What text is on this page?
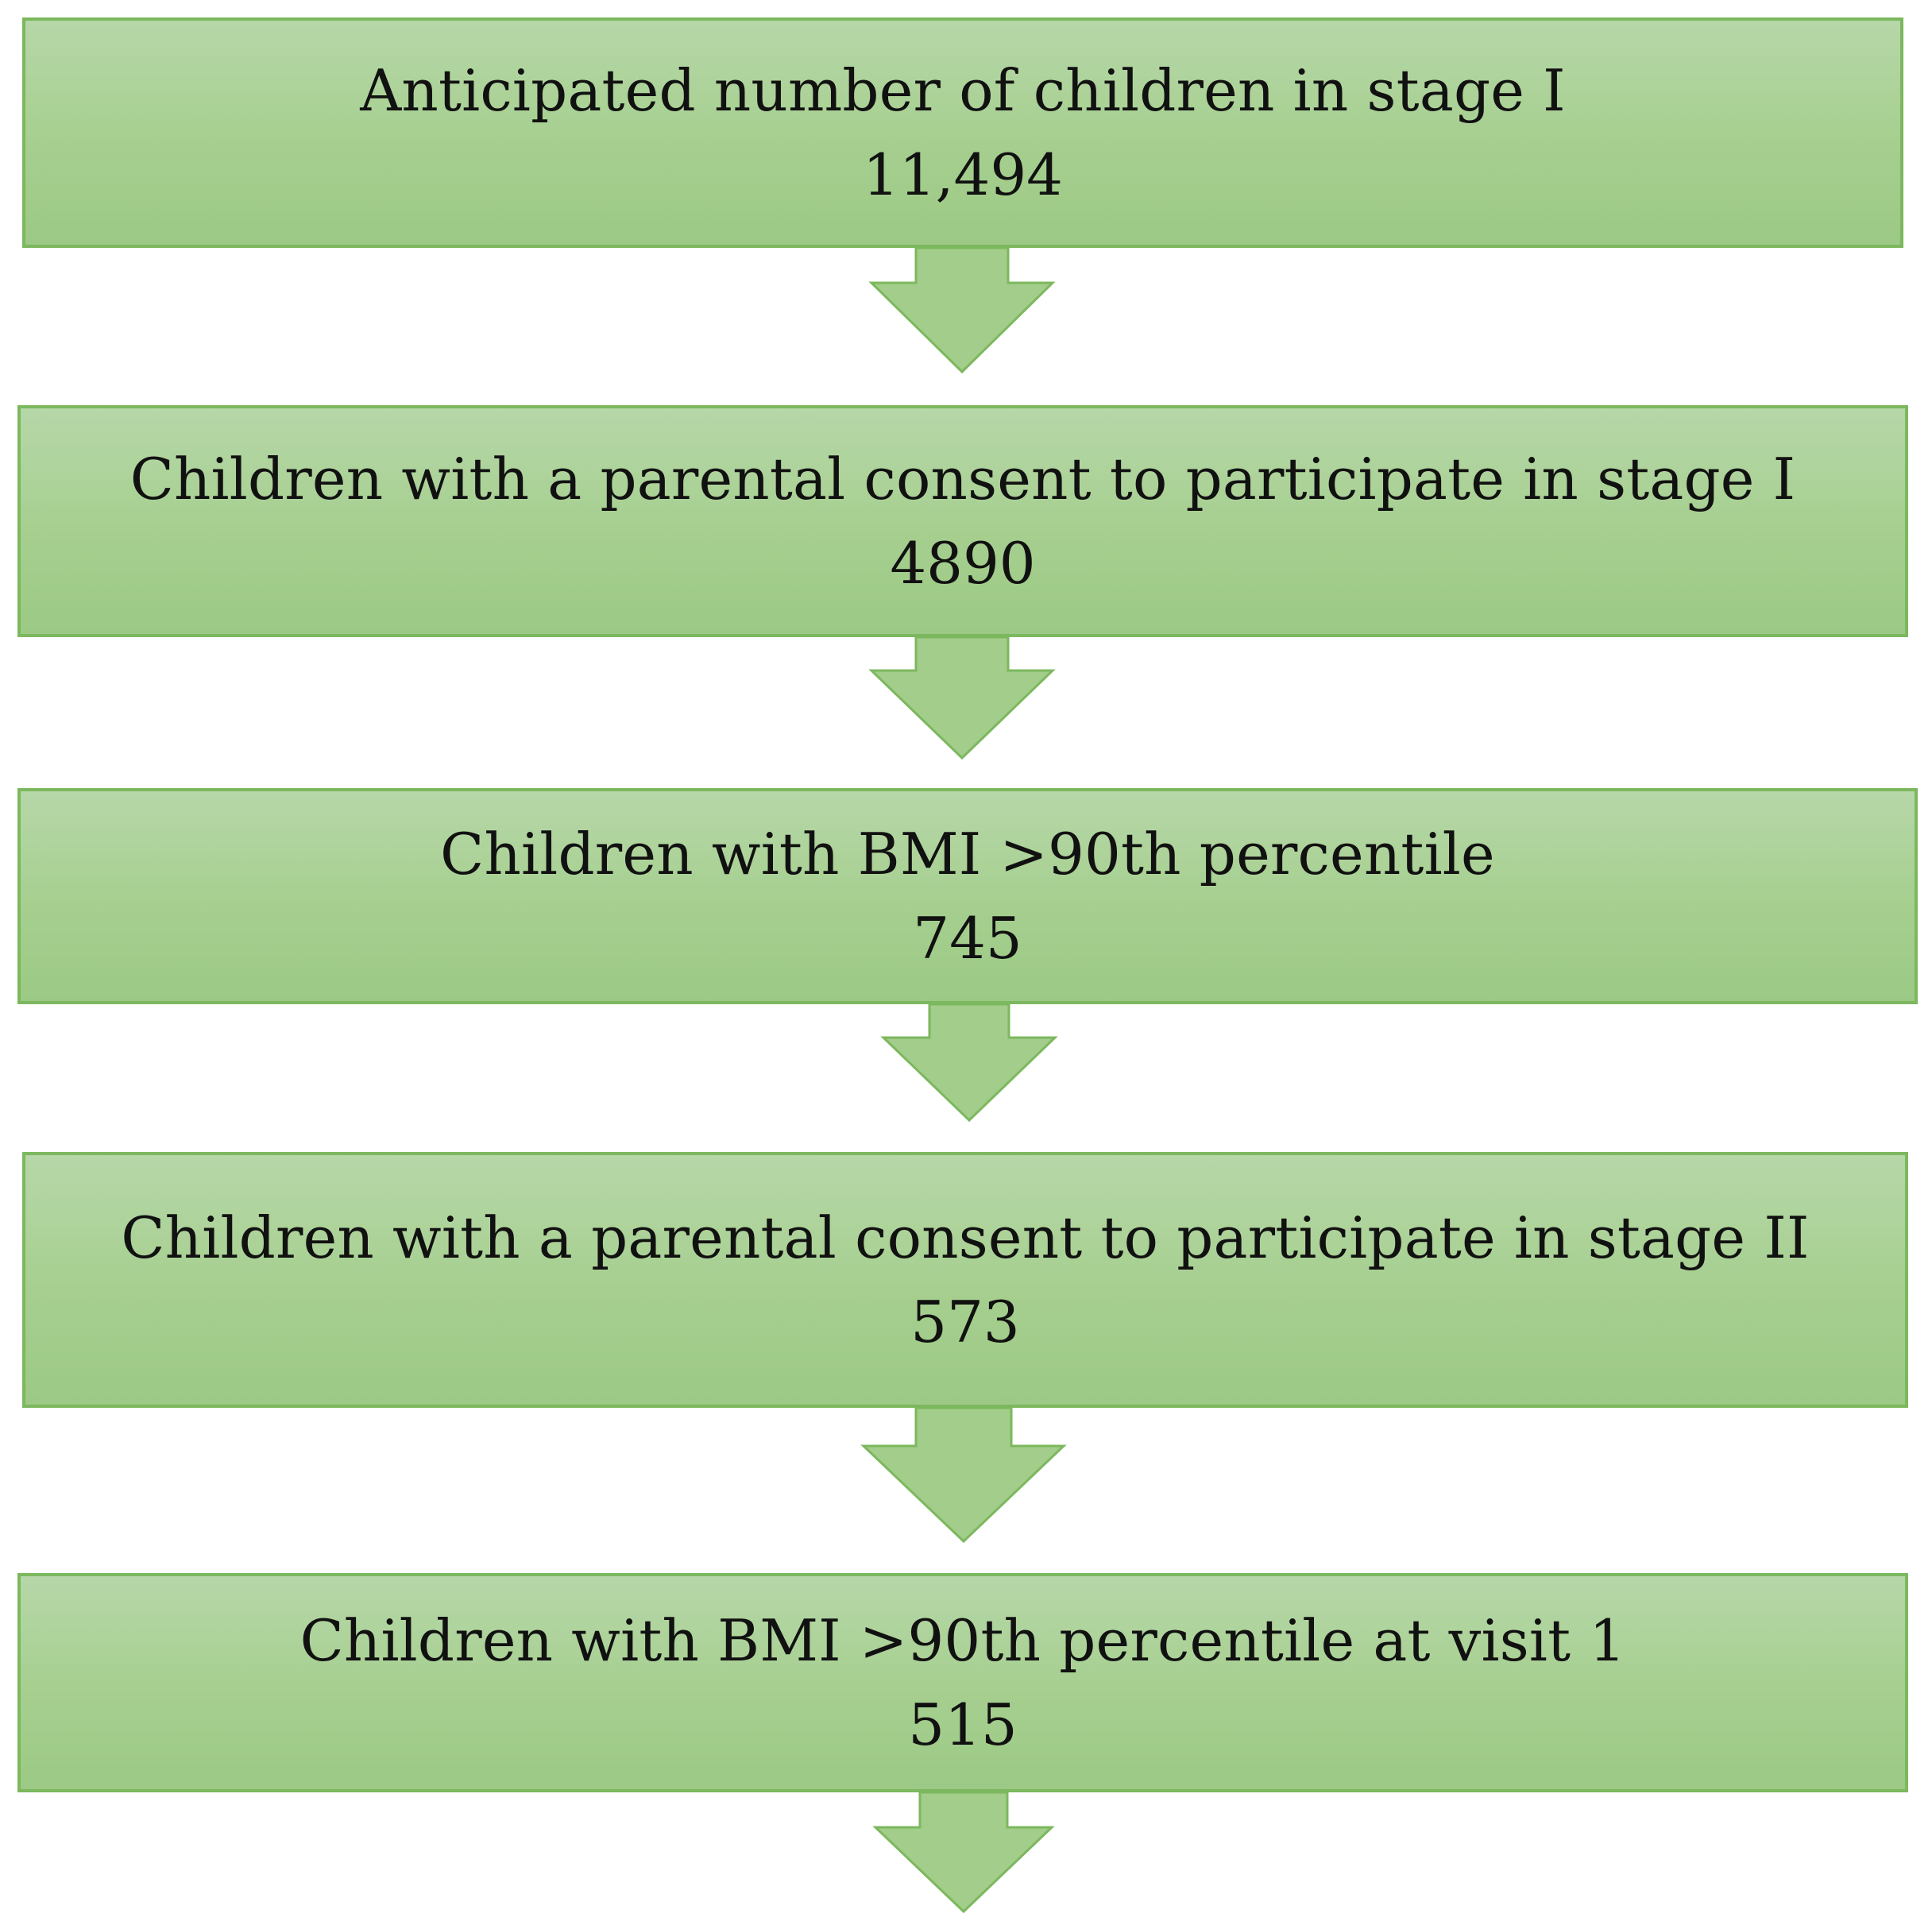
Anticipated number of children in stage I
11,494
Children with a parental consent to participate in stage I
4890
Children with BMI >90th percentile
745
Children with a parental consent to participate in stage II
573
Children with BMI >90th percentile at visit 1
515
